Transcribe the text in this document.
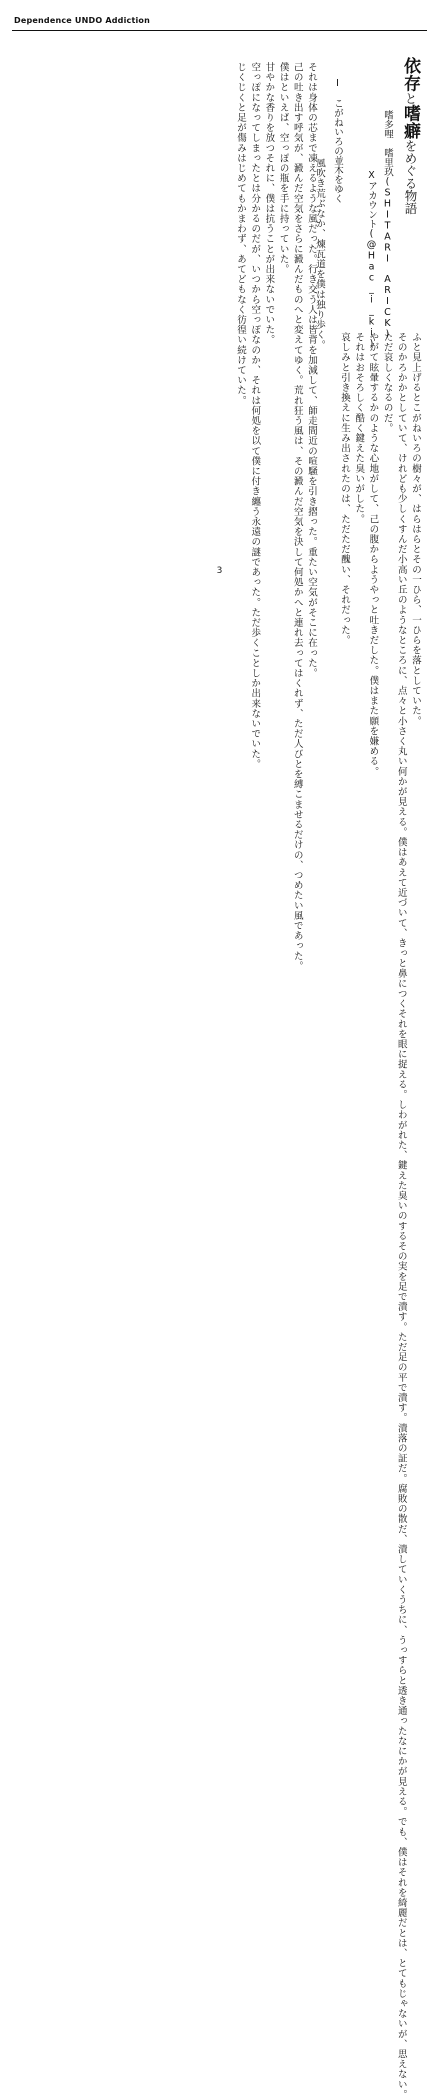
Dependence UNDO Addiction
依存と嗜癖をめぐる物語
嗜多哩　嗜里玖(SHITARI　ARICK)
Xアカウント(@Hac_i_ki)
I　こがねいろの並木をゆく
　風吹き荒ぶなか、煉瓦道を僕は独り歩く。
　それは身体の芯まで凍えるような風だった。行き交う人は皆背を加減して、師走間近の喧騒を引き摺った。重たい空気がそこに在った。
　己の吐き出す呼気が、澱んだ空気をさらに澱んだものへと変えてゆく。荒れ狂う風は、その澱んだ空気を決して何処かへと連れ去ってはくれず、ただ人びとを縛こませるだけの、つめたい風であった。
　僕はといえば、空っぽの瓶を手に持っていた。
　甘やかな香りを放つそれに、僕は抗うことが出来ないでいた。
　空っぽになってしまったとは分かるのだが、いつから空っぽなのか、それは何処を以て僕に付き纏う永遠の謎であった。ただ歩くことしか出来ないでいた。
　じくじくと足が傷みはじめてもかまわず、あてどもなく彷徨い続けていた。
　ふと見上げるとこがねいろの樹々が、はらはらとその一ひら、一ひらを落としていた。
　そのかろかかとしていて、けれども少しくすんだ小高い丘のようなところに、点々と小さく丸い何かが見える。僕はあえて近づいて、きっと鼻につくそれを眼に捉える。しわがれた、鍵えた臭いのするその実を足で潰す。ただ足の平で潰す。潰落の証だ。腐敗の散だ、潰していくうちに、うっすらと透き通ったなにかが見える。でも、僕はそれを綺麗だとは、とてもじゃないが、思えない。
　ただ哀しくなるのだ。
　やがて眩暈するかのような心地がして、己の腹からようやっと吐きだした。僕はまた願を嫌める。
　それはおそろしく酷く鍵えた臭いがした。
　哀しみと引き換えに生み出されたのは、ただただ醜い、それだった。
3
